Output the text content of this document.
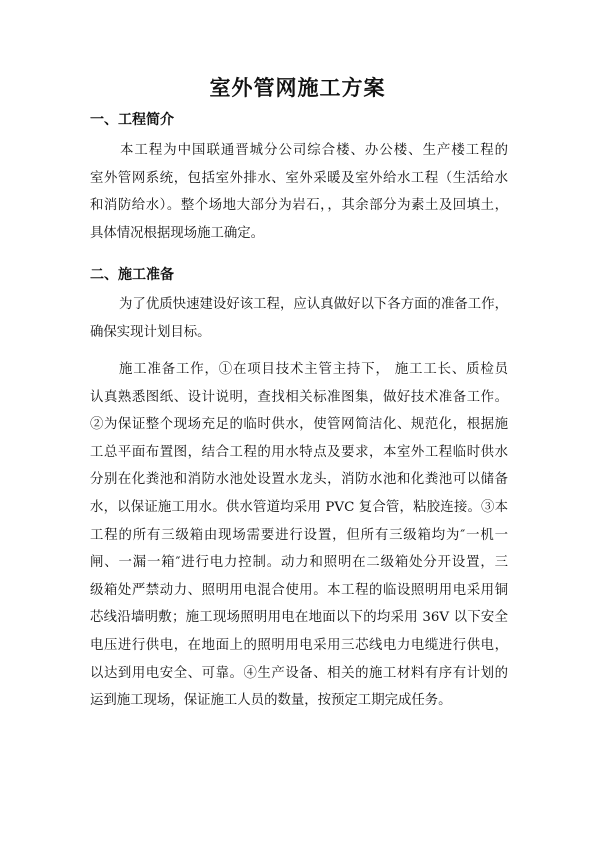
室外管网施工方案
一、工程简介
本工程为中国联通晋城分公司综合楼、办公楼、生产楼工程的
室外管网系统，包括室外排水、室外采暖及室外给水工程（生活给水
和消防给水）。整个场地大部分为岩石，，其余部分为素土及回填土，
具体情况根据现场施工确定。
二、施工准备
为了优质快速建设好该工程，应认真做好以下各方面的准备工作，
确保实现计划目标。
施工准备工作，①在项目技术主管主持下， 施工工长、质检员
认真熟悉图纸、设计说明，查找相关标准图集，做好技术准备工作。
②为保证整个现场充足的临时供水，使管网简洁化、规范化，根据施
工总平面布置图，结合工程的用水特点及要求，本室外工程临时供水
分别在化粪池和消防水池处设置水龙头，消防水池和化粪池可以储备
水，以保证施工用水。供水管道均采用 PVC 复合管，粘胶连接。③本
工程的所有三级箱由现场需要进行设置，但所有三级箱均为″一机一
闸、一漏一箱″进行电力控制。动力和照明在二级箱处分开设置，三
级箱处严禁动力、照明用电混合使用。本工程的临设照明用电采用铜
芯线沿墙明敷；施工现场照明用电在地面以下的均采用 36V 以下安全
电压进行供电，在地面上的照明用电采用三芯线电力电缆进行供电，
以达到用电安全、可靠。④生产设备、相关的施工材料有序有计划的
运到施工现场，保证施工人员的数量，按预定工期完成任务。
